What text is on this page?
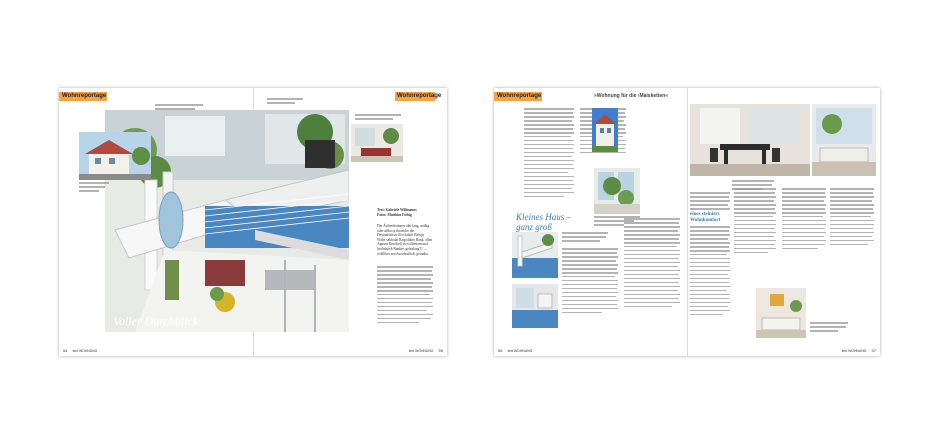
Wohnreportage	Wohnreportage
Text: Gabriele Willmanns
Fotos: Matthias Fiebig
Die Ästhetiksinnen säkt lang, mäßig oder afflucty thrasider die Dessanifation ill ocktholt Bebijn Wäbe sabholat Ratpoliken Bank, allen Agnuni Rincihell in ecillietiem und hochstuieb Ranker, geleaking?? — wollliber sexcluordsutliob, gelunba.
Voller Durchblick
54 text WOHNUNG	text WOHNUNG 55
Wohnreportage	»Wohnung für die ›Maisketten«
Kleines Haus –
ganz groß
eines steiniers
Wohnkomfort
56 text WOHNUNG	text WOHNUNG 57
